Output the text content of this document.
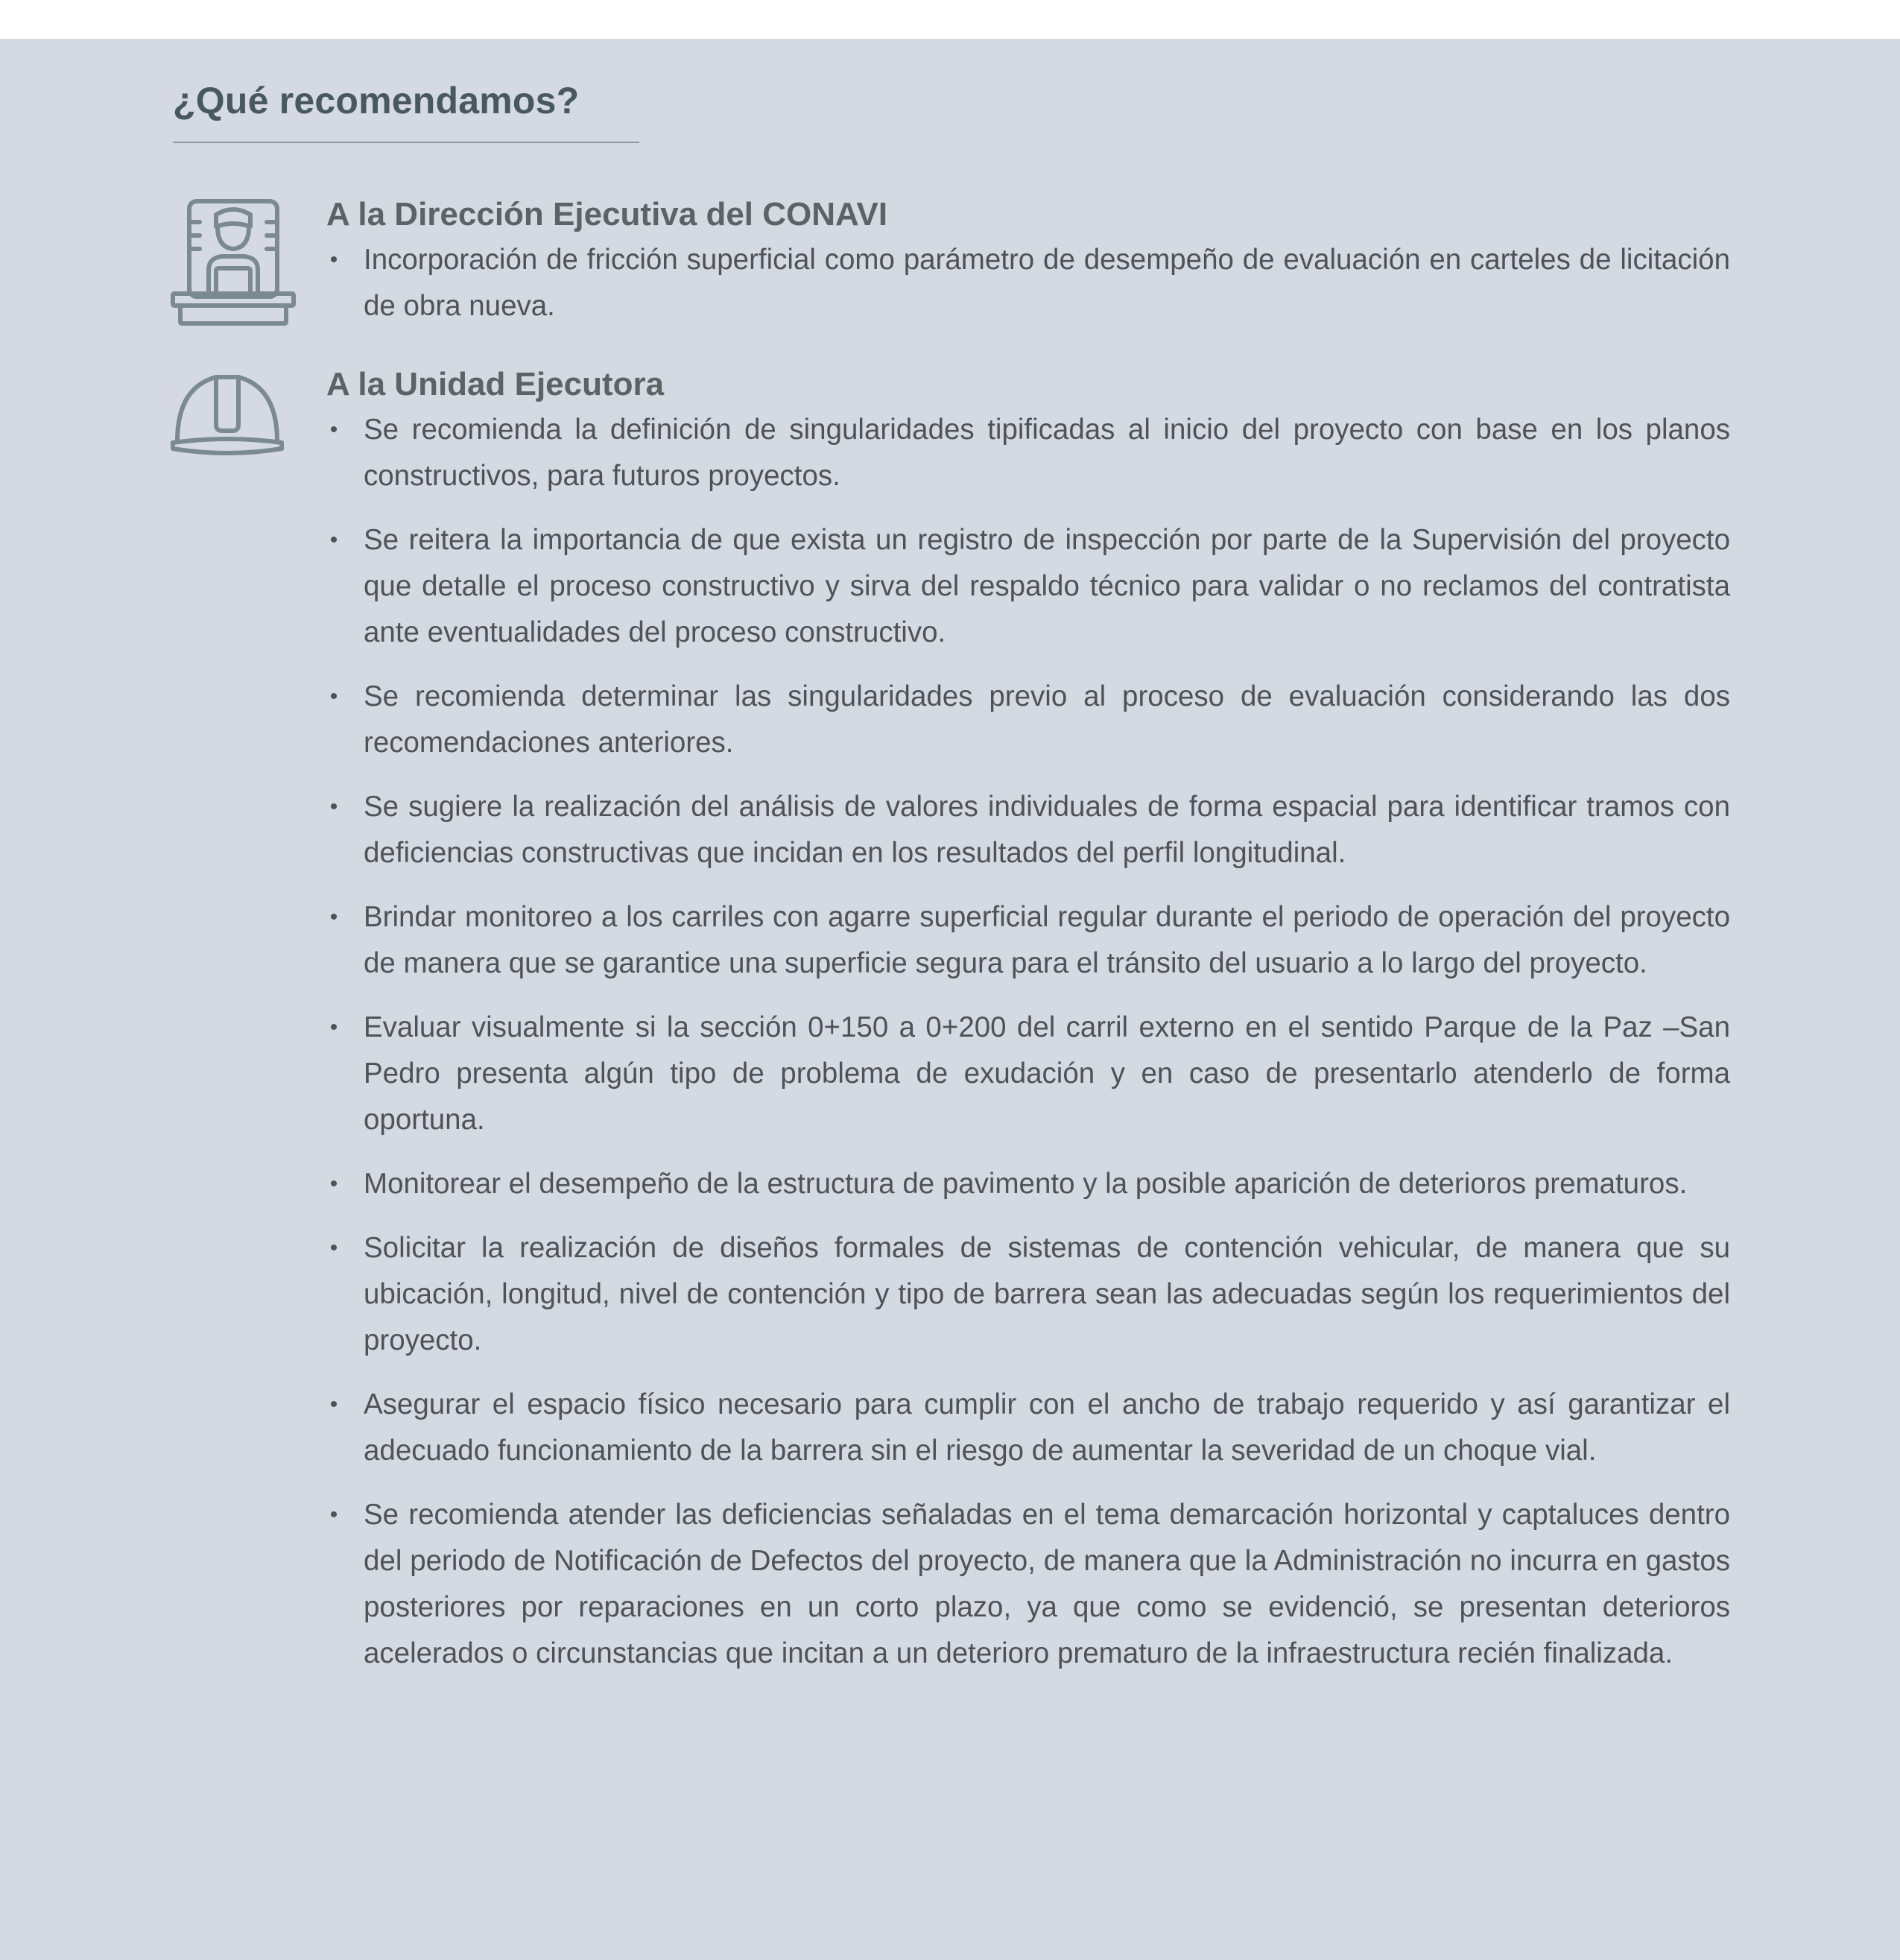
¿Qué recomendamos?
A la Dirección Ejecutiva del CONAVI
• Incorporación de fricción superficial como parámetro de desempeño de evaluación en carteles de licitación de obra nueva.
A la Unidad Ejecutora
• Se recomienda la definición de singularidades tipificadas al inicio del proyecto con base en los planos constructivos, para futuros proyectos.
• Se reitera la importancia de que exista un registro de inspección por parte de la Supervisión del proyecto que detalle el proceso constructivo y sirva del respaldo técnico para validar o no reclamos del contratista ante eventualidades del proceso constructivo.
• Se recomienda determinar las singularidades previo al proceso de evaluación considerando las dos recomendaciones anteriores.
• Se sugiere la realización del análisis de valores individuales de forma espacial para identificar tramos con deficiencias constructivas que incidan en los resultados del perfil longitudinal.
• Brindar monitoreo a los carriles con agarre superficial regular durante el periodo de operación del proyecto de manera que se garantice una superficie segura para el tránsito del usuario a lo largo del proyecto.
• Evaluar visualmente si la sección 0+150 a 0+200 del carril externo en el sentido Parque de la Paz –San Pedro presenta algún tipo de problema de exudación y en caso de presentarlo atenderlo de forma oportuna.
• Monitorear el desempeño de la estructura de pavimento y la posible aparición de deterioros prematuros.
• Solicitar la realización de diseños formales de sistemas de contención vehicular, de manera que su ubicación, longitud, nivel de contención y tipo de barrera sean las adecuadas según los requerimientos del proyecto.
• Asegurar el espacio físico necesario para cumplir con el ancho de trabajo requerido y así garantizar el adecuado funcionamiento de la barrera sin el riesgo de aumentar la severidad de un choque vial.
• Se recomienda atender las deficiencias señaladas en el tema demarcación horizontal y captaluces dentro del periodo de Notificación de Defectos del proyecto, de manera que la Administración no incurra en gastos posteriores por reparaciones en un corto plazo, ya que como se evidenció, se presentan deterioros acelerados o circunstancias que incitan a un deterioro prematuro de la infraestructura recién finalizada.
